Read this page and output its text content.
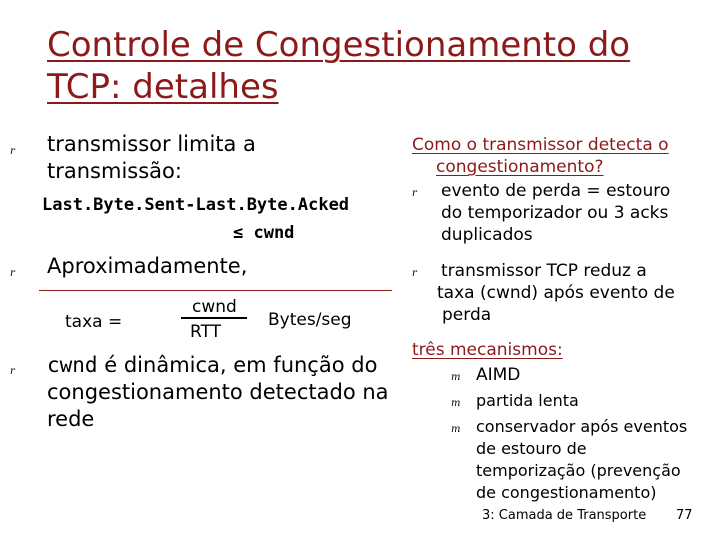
Controle de Congestionamento do
TCP: detalhes
r transmissor limita a
transmissão:
Last.Byte.Sent-Last.Byte.Acked
≤ cwnd
r Aproximadamente,
taxa =
cwnd
RTT
Bytes/seg
r cwnd é dinâmica, em função do
congestionamento detectado na
rede
Como o transmissor detecta o
congestionamento?
r evento de perda = estouro
do temporizador ou 3 acks
duplicados
r transmissor TCP reduz a
taxa (cwnd) após evento de
perda
três mecanismos:
m AIMD
m partida lenta
m conservador após eventos
de estouro de
temporização (prevenção
de congestionamento)
3: Camada de Transporte 77
